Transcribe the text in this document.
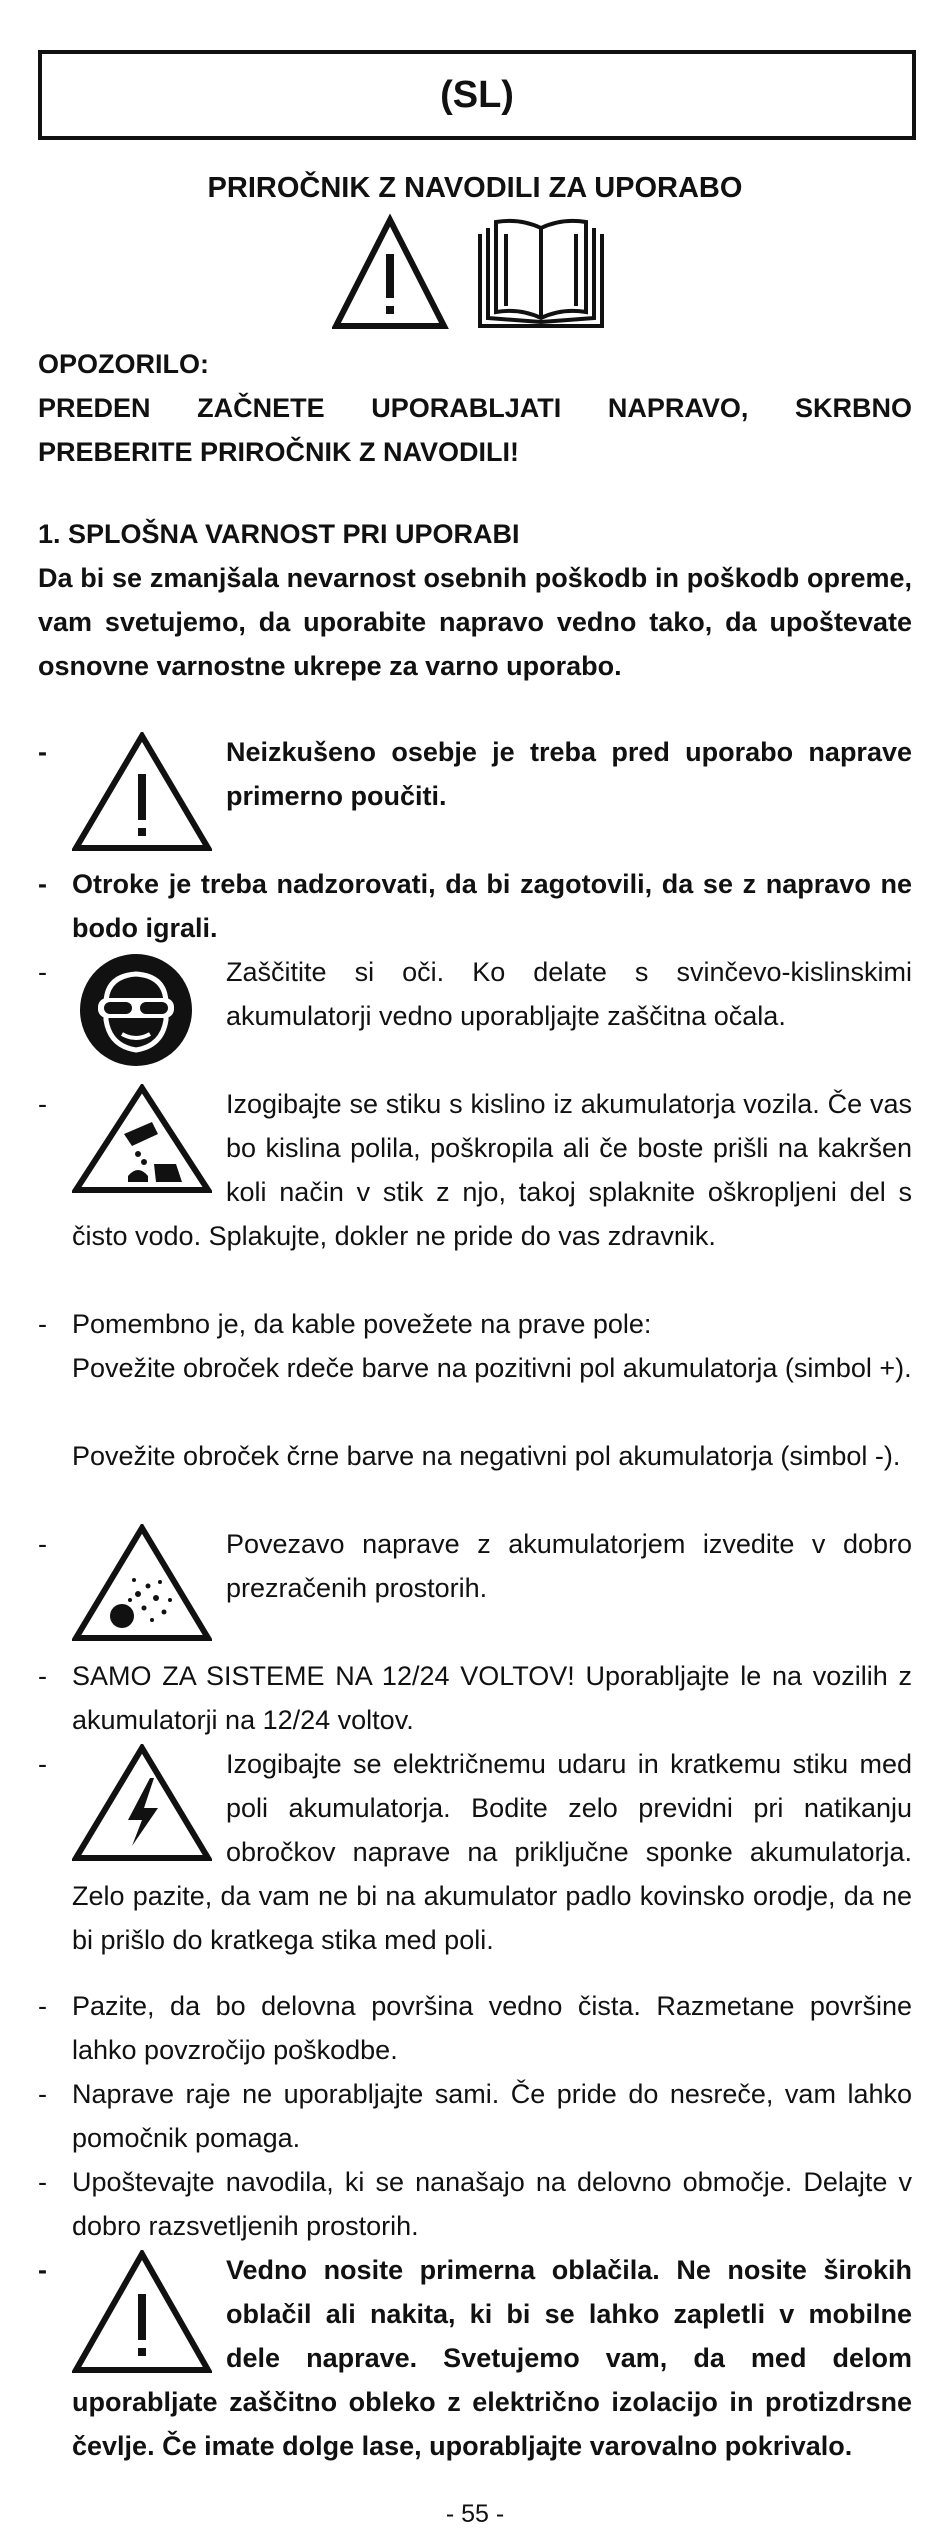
(SL)
PRIROČNIK Z NAVODILI ZA UPORABO
OPOZORILO:
PREDEN ZAČNETE UPORABLJATI NAPRAVO, SKRBNO PREBERITE PRIROČNIK Z NAVODILI!
1. SPLOŠNA VARNOST PRI UPORABI
Da bi se zmanjšala nevarnost osebnih poškodb in poškodb opreme, vam svetujemo, da uporabite napravo vedno tako, da upoštevate osnovne varnostne ukrepe za varno uporabo.
-	Neizkušeno osebje je treba pred uporabo naprave primerno poučiti.
- Otroke je treba nadzorovati, da bi zagotovili, da se z napravo ne bodo igrali.
-	Zaščitite si oči. Ko delate s svinčevo-kislinskimi akumulatorji vedno uporabljajte zaščitna očala.
-	Izogibajte se stiku s kislino iz akumulatorja vozila. Če vas bo kislina polila, poškropila ali če boste prišli na kakršen koli način v stik z njo, takoj splaknite oškropljeni del s čisto vodo. Splakujte, dokler ne pride do vas zdravnik.
- Pomembno je, da kable povežete na prave pole:
Povežite obroček rdeče barve na pozitivni pol akumulatorja (simbol +).
Povežite obroček črne barve na negativni pol akumulatorja (simbol -).
-	Povezavo naprave z akumulatorjem izvedite v dobro prezračenih prostorih.
- SAMO ZA SISTEME NA 12/24 VOLTOV! Uporabljajte le na vozilih z akumulatorji na 12/24 voltov.
-	Izogibajte se električnemu udaru in kratkemu stiku med poli akumulatorja. Bodite zelo previdni pri natikanju obročkov naprave na priključne sponke akumulatorja. Zelo pazite, da vam ne bi na akumulator padlo kovinsko orodje, da ne bi prišlo do kratkega stika med poli.
- Pazite, da bo delovna površina vedno čista. Razmetane površine lahko povzročijo poškodbe.
- Naprave raje ne uporabljajte sami. Če pride do nesreče, vam lahko pomočnik pomaga.
- Upoštevajte navodila, ki se nanašajo na delovno območje. Delajte v dobro razsvetljenih prostorih.
-	Vedno nosite primerna oblačila. Ne nosite širokih oblačil ali nakita, ki bi se lahko zapletli v mobilne dele naprave. Svetujemo vam, da med delom uporabljate zaščitno obleko z električno izolacijo in protizdrsne čevlje. Če imate dolge lase, uporabljajte varovalno pokrivalo.
- 55 -
